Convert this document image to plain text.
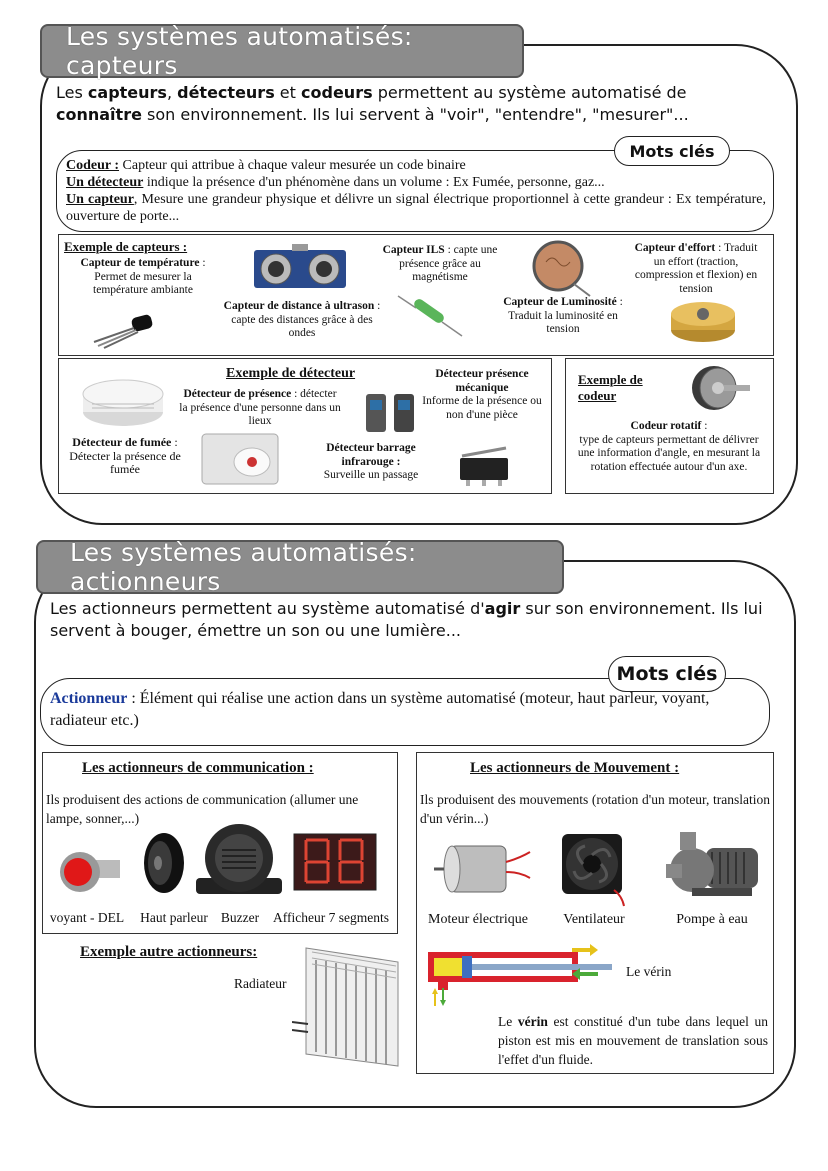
Les systèmes automatisés: capteurs
Les capteurs, détecteurs et codeurs permettent au système automatisé de connaître son environnement. Ils lui servent à "voir", "entendre", "mesurer"...
Mots clés
Codeur : Capteur qui attribue à chaque valeur mesurée un code binaire
Un détecteur indique la présence d'un phénomène dans un volume : Ex Fumée, personne, gaz...
Un capteur, Mesure une grandeur physique et délivre un signal électrique proportionnel à cette grandeur : Ex température, ouverture de porte...
Exemple de capteurs :
Capteur de température :
Permet de mesurer la température ambiante
Capteur de distance à ultrason :
capte des distances grâce à des ondes
Capteur ILS : capte une présence grâce au magnétisme
Capteur de Luminosité :
Traduit la luminosité en tension
Capteur d'effort : Traduit un effort (traction, compression et flexion) en tension
Exemple de détecteur
Détecteur de fumée : Détecter la présence de fumée
Détecteur de présence : détecter la présence d'une personne dans un lieux
Détecteur présence mécanique
Informe de la présence ou non d'une pièce
Détecteur barrage infrarouge :
Surveille un passage
Exemple de codeur
Codeur rotatif :
type de capteurs permettant de délivrer une information d'angle, en mesurant la rotation effectuée autour d'un axe.
Les systèmes automatisés: actionneurs
Les actionneurs permettent au système automatisé d'agir sur son environnement. Ils lui servent à bouger, émettre un son ou une lumière...
Mots clés
Actionneur : Élément qui réalise une action dans un système automatisé (moteur, haut parleur, voyant, radiateur etc.)
Les actionneurs de communication :
Ils produisent des actions de communication (allumer une lampe, sonner,...)
voyant - DEL	Haut parleur Buzzer	Afficheur 7 segments
Exemple autre actionneurs:
Radiateur
Les actionneurs de Mouvement :
Ils produisent des mouvements (rotation d'un moteur, translation d'un vérin...)
Moteur électrique	Ventilateur	Pompe à eau
Le vérin
Le vérin est constitué d'un tube dans lequel un piston est mis en mouvement de translation sous l'effet d'un fluide.
